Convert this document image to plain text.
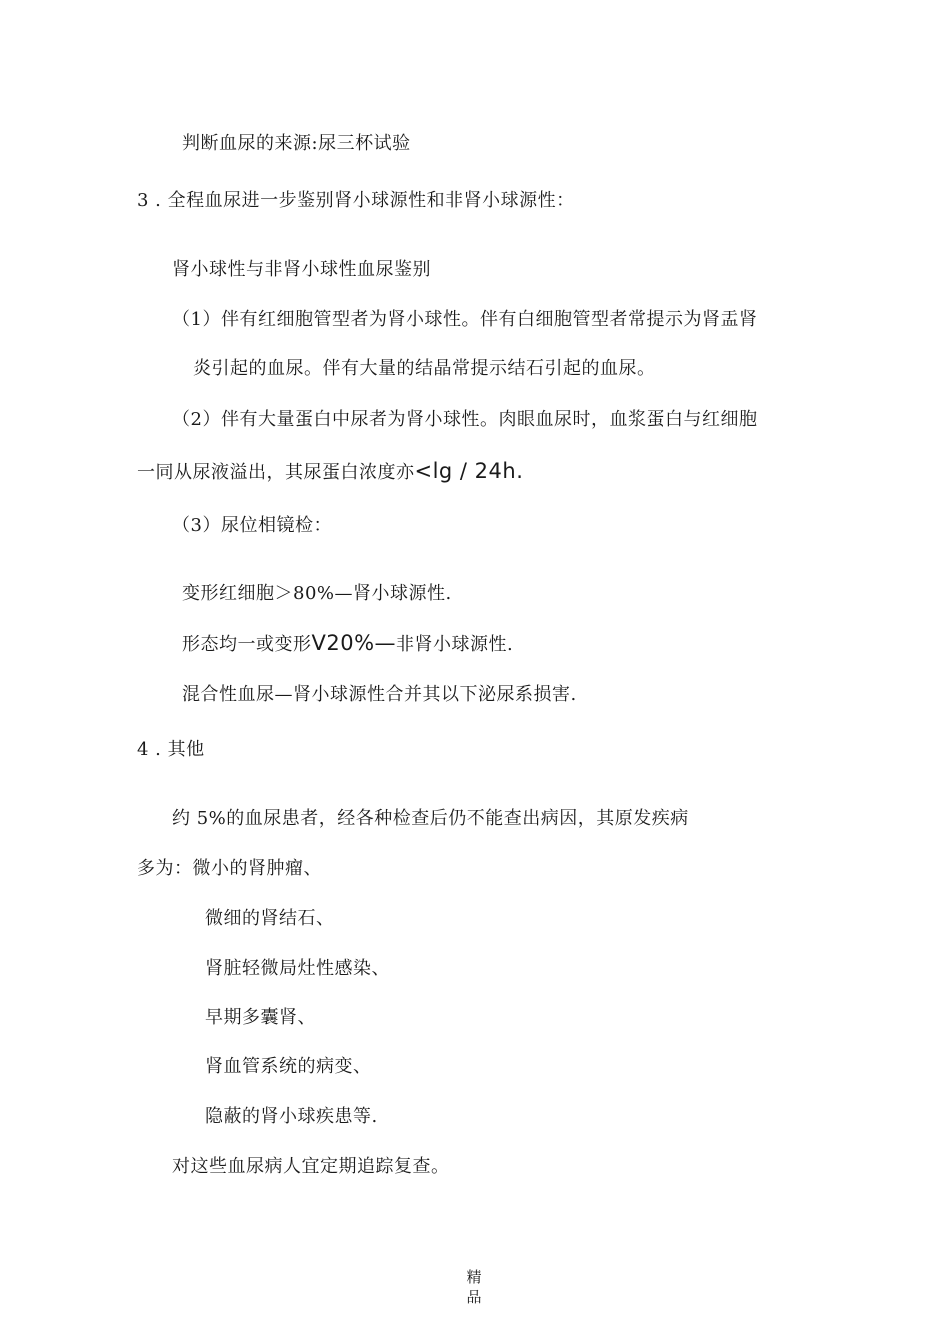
判断血尿的来源:尿三杯试验
3 . 全程血尿进一步鉴别肾小球源性和非肾小球源性：
肾小球性与非肾小球性血尿鉴别
（1）伴有红细胞管型者为肾小球性。伴有白细胞管型者常提示为肾盂肾
炎引起的血尿。伴有大量的结晶常提示结石引起的血尿。
（2）伴有大量蛋白中尿者为肾小球性。肉眼血尿时，血浆蛋白与红细胞
一同从尿液溢出，其尿蛋白浓度亦<lg / 24h.
（3）尿位相镜检：
变形红细胞＞80%—肾小球源性.
形态均一或变形V20%—非肾小球源性.
混合性血尿—肾小球源性合并其以下泌尿系损害.
4 . 其他
约 5%的血尿患者，经各种检查后仍不能查出病因，其原发疾病
多为：微小的肾肿瘤、
微细的肾结石、
肾脏轻微局灶性感染、
早期多囊肾、
肾血管系统的病变、
隐蔽的肾小球疾患等.
对这些血尿病人宜定期追踪复查。
精
品
